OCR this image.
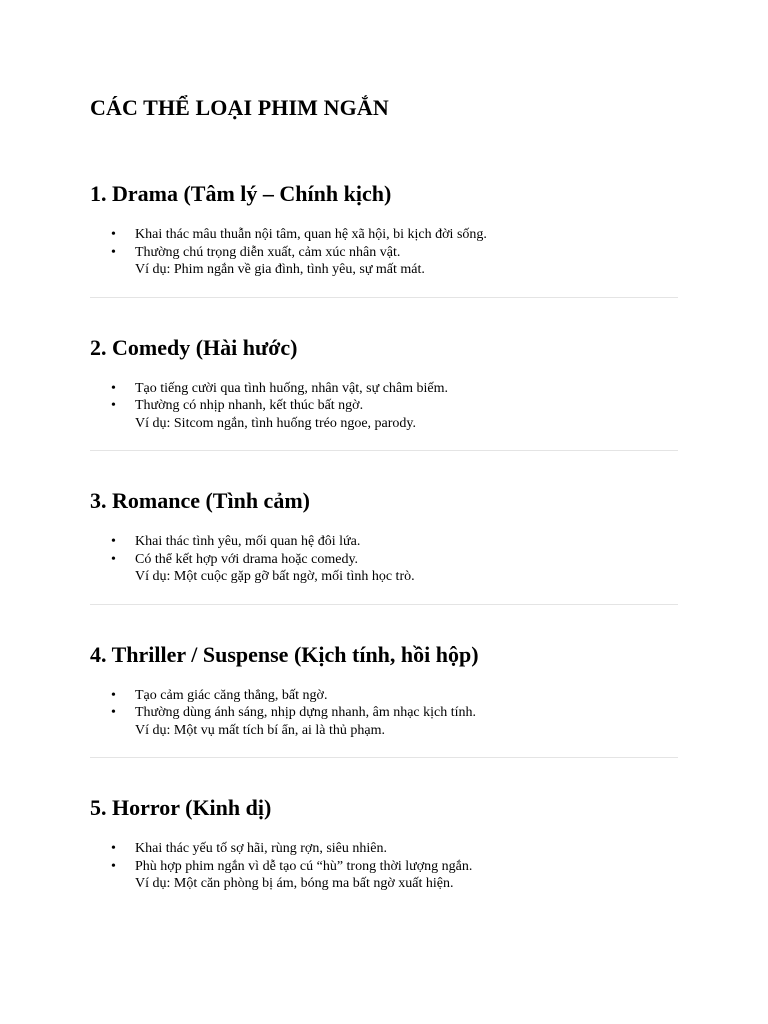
CÁC THỂ LOẠI PHIM NGẮN
1. Drama (Tâm lý – Chính kịch)
• Khai thác mâu thuẫn nội tâm, quan hệ xã hội, bi kịch đời sống.
• Thường chú trọng diễn xuất, cảm xúc nhân vật.

Ví dụ: Phim ngắn về gia đình, tình yêu, sự mất mát.

2. Comedy (Hài hước)
• Tạo tiếng cười qua tình huống, nhân vật, sự châm biếm.
• Thường có nhịp nhanh, kết thúc bất ngờ.

Ví dụ: Sitcom ngắn, tình huống tréo ngoe, parody.

3. Romance (Tình cảm)
• Khai thác tình yêu, mối quan hệ đôi lứa.
• Có thể kết hợp với drama hoặc comedy.

Ví dụ: Một cuộc gặp gỡ bất ngờ, mối tình học trò.

4. Thriller / Suspense (Kịch tính, hồi hộp)
• Tạo cảm giác căng thẳng, bất ngờ.
• Thường dùng ánh sáng, nhịp dựng nhanh, âm nhạc kịch tính.

Ví dụ: Một vụ mất tích bí ẩn, ai là thủ phạm.

5. Horror (Kinh dị)
• Khai thác yếu tố sợ hãi, rùng rợn, siêu nhiên.
• Phù hợp phim ngắn vì dễ tạo cú “hù” trong thời lượng ngắn.

Ví dụ: Một căn phòng bị ám, bóng ma bất ngờ xuất hiện.
